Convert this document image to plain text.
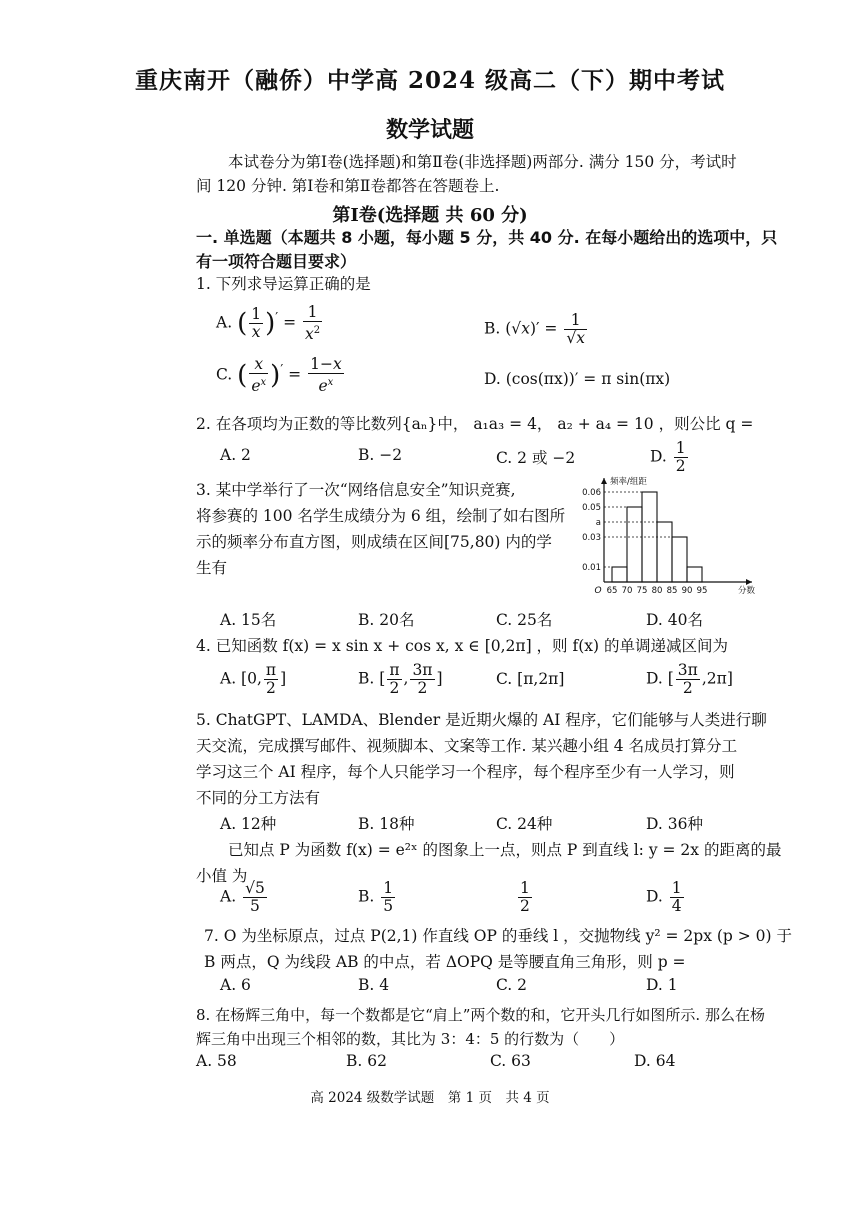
重庆南开（融侨）中学高 2024 级高二（下）期中考试
数学试题

本试卷分为第Ⅰ卷(选择题)和第Ⅱ卷(非选择题)两部分. 满分 150 分，考试时

间 120 分钟. 第Ⅰ卷和第Ⅱ卷都答在答题卷上.

第Ⅰ卷(选择题 共 60 分)
一. 单选题（本题共 8 小题，每小题 5 分，共 40 分. 在每小题给出的选项中，只
有一项符合题目要求）
1. 下列求导运算正确的是
A. ( $\frac{1}{x} )' = \frac{1}{x^2}$	B. $(√x)' = \frac{1}{√x}$
C. ( $\frac{x}{e^x} )' = \frac{1-x}{e^x}$	D. (cos(πx))′ = π sin(πx)
2. 在各项均为正数的等比数列{aₙ}中， a₁a₃ = 4， a₂ + a₄ = 10 ，则公比 q =
A. 2	B. −2	C. 2 或 −2	D. $\frac{1}{2}$
3. 某中学举行了一次“网络信息安全”知识竞赛,
将参赛的 100 名学生成绩分为 6 组，绘制了如右图所
示的频率分布直方图，则成绩在区间[75,80) 内的学
生有
0.06
0.05
a
0.03
0.01
65 70 75 80 85 90 95
O
频率/组距
分数
A. 15名	B. 20名	C. 25名	D. 40名
4. 已知函数 f(x) = x sin x + cos x, x ∈ [0,2π] ，则 f(x) 的单调递减区间为
A. [0, $\frac{\pi}{2}$ ]	B. [ $\frac{\pi}{2}$ , $\frac{3\pi}{2}$ ]	C. [π,2π]	D. [ $\frac{3\pi}{2} ,2\pi$]
5. ChatGPT、LAMDA、Blender 是近期火爆的 AI 程序，它们能够与人类进行聊
天交流，完成撰写邮件、视频脚本、文案等工作. 某兴趣小组 4 名成员打算分工
学习这三个 AI 程序，每个人只能学习一个程序，每个程序至少有一人学习，则
不同的分工方法有
A. 12种	B. 18种	C. 24种	D. 36种
已知点 P 为函数 f(x) = e²ˣ 的图象上一点，则点 P 到直线 l: y = 2x 的距离的最
小值 为
A. $\frac{√5}{5}$	B. $\frac{1}{5}$	$\frac{1}{2}$	D. $\frac{1}{4}$
7. O 为坐标原点，过点 P(2,1) 作直线 OP 的垂线 l ，交抛物线 y² = 2px (p > 0) 于
B 两点，Q 为线段 AB 的中点，若 ΔOPQ 是等腰直角三角形，则 p =
A. 6	B. 4	C. 2	D. 1
8. 在杨辉三角中，每一个数都是它“肩上”两个数的和，它开头几行如图所示. 那么在杨
辉三角中出现三个相邻的数，其比为 3：4：5 的行数为（　　）
A. 58	B. 62	C. 63	D. 64
高 2024 级数学试题　第 1 页　共 4 页
